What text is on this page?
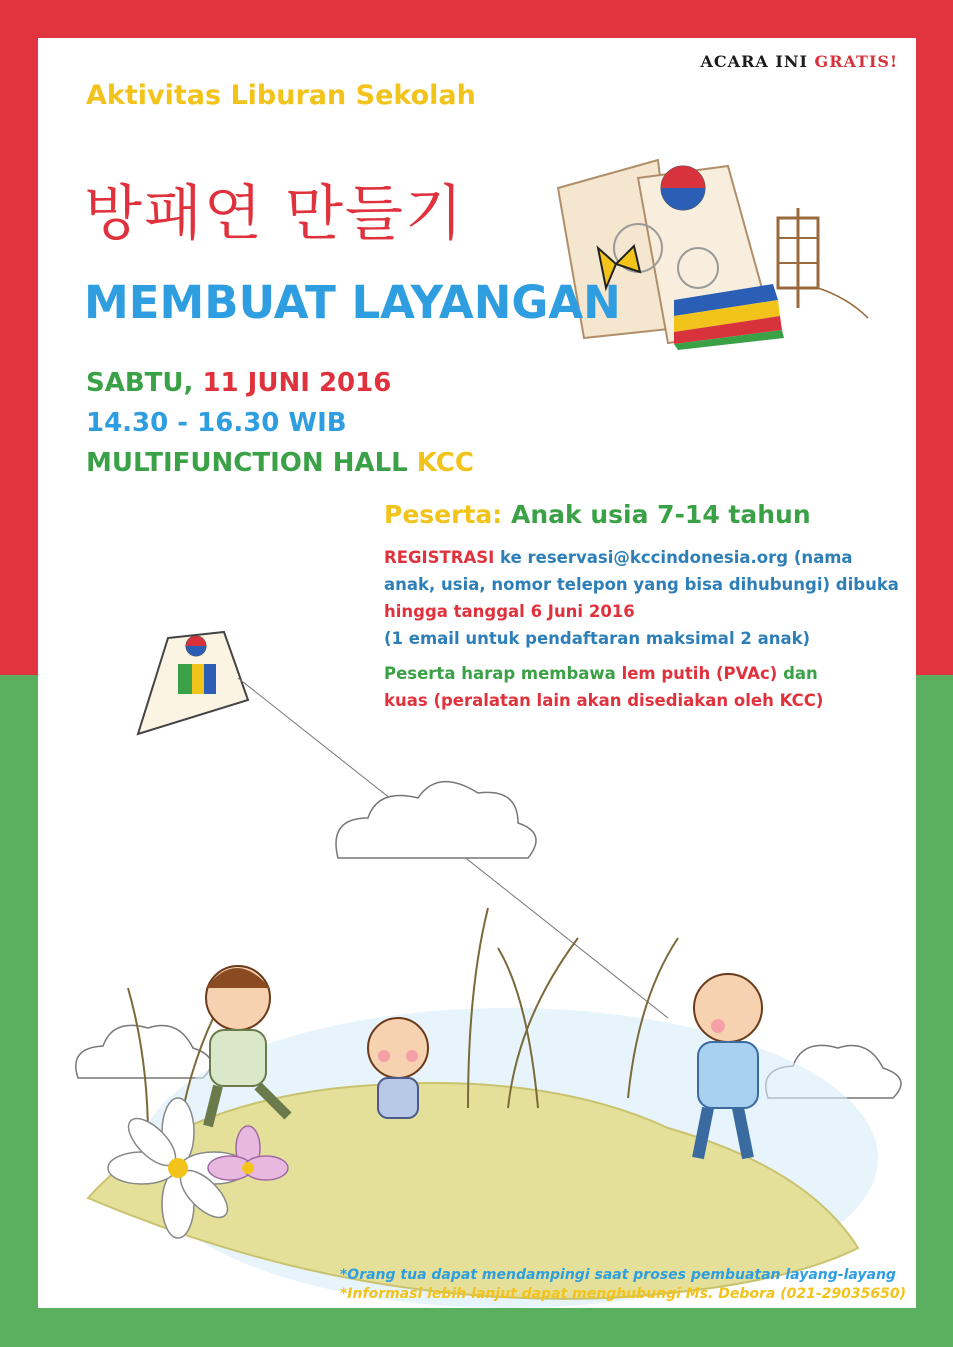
ACARA INI GRATIS!
Aktivitas Liburan Sekolah
방패연 만들기
MEMBUAT LAYANGAN
SABTU, 11 JUNI 2016
14.30 - 16.30 WIB
MULTIFUNCTION HALL KCC
Peserta: Anak usia 7-14 tahun
REGISTRASI ke reservasi@kccindonesia.org (nama anak, usia, nomor telepon yang bisa dihubungi) dibuka hingga tanggal 6 Juni 2016
(1 email untuk pendaftaran maksimal 2 anak)
Peserta harap membawa lem putih (PVAc) dan
kuas (peralatan lain akan disediakan oleh KCC)
*Orang tua dapat mendampingi saat proses pembuatan layang-layang
*Informasi lebih lanjut dapat menghubungi Ms. Debora (021-29035650)
